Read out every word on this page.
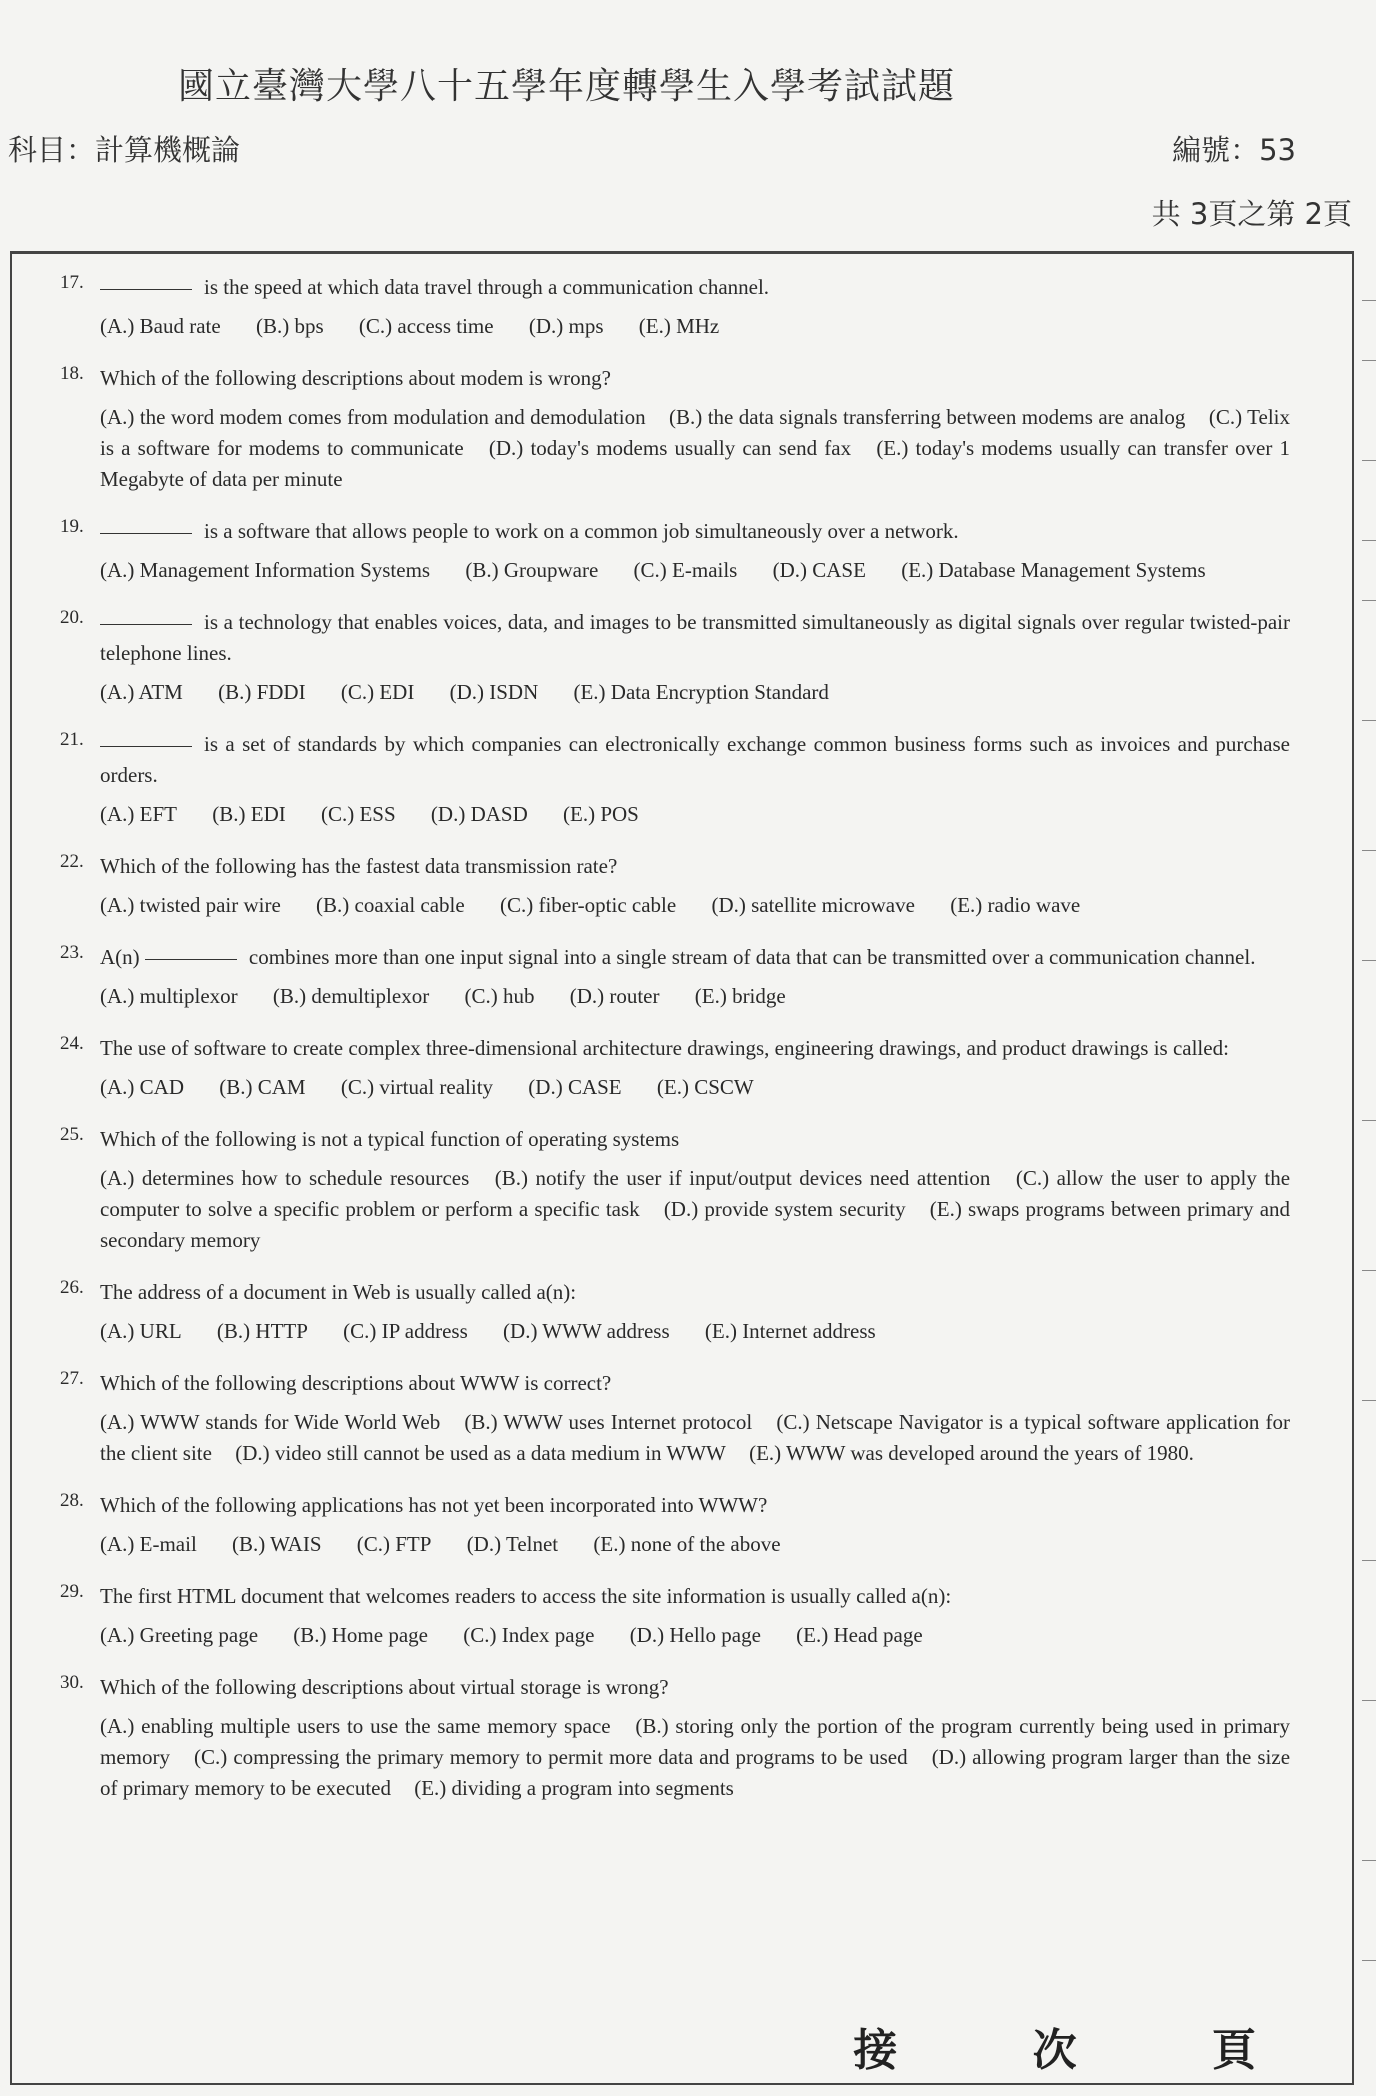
國立臺灣大學八十五學年度轉學生入學考試試題
科目：計算機概論	編號：53
共 3頁之第 2頁
17.	is the speed at which data travel through a communication channel.
(A.) Baud rate (B.) bps (C.) access time (D.) mps (E.) MHz
18. Which of the following descriptions about modem is wrong?
(A.) the word modem comes from modulation and demodulation (B.) the data signals transferring between modems are analog (C.) Telix is a software for modems to communicate (D.) today's modems usually can send fax (E.) today's modems usually can transfer over 1 Megabyte of data per minute
19.	is a software that allows people to work on a common job simultaneously over a network.
(A.) Management Information Systems (B.) Groupware (C.) E-mails (D.) CASE (E.) Database Management Systems
20.	is a technology that enables voices, data, and images to be transmitted simultaneously as digital signals over regular twisted-pair telephone lines.
(A.) ATM (B.) FDDI (C.) EDI (D.) ISDN (E.) Data Encryption Standard
21.	is a set of standards by which companies can electronically exchange common business forms such as invoices and purchase orders.
(A.) EFT (B.) EDI (C.) ESS (D.) DASD (E.) POS
22. Which of the following has the fastest data transmission rate?
(A.) twisted pair wire (B.) coaxial cable (C.) fiber-optic cable (D.) satellite microwave (E.) radio wave
23. A(n)	combines more than one input signal into a single stream of data that can be transmitted over a communication channel.
(A.) multiplexor (B.) demultiplexor (C.) hub (D.) router (E.) bridge
24. The use of software to create complex three-dimensional architecture drawings, engineering drawings, and product drawings is called:
(A.) CAD (B.) CAM (C.) virtual reality (D.) CASE (E.) CSCW
25. Which of the following is not a typical function of operating systems
(A.) determines how to schedule resources (B.) notify the user if input/output devices need attention (C.) allow the user to apply the computer to solve a specific problem or perform a specific task (D.) provide system security (E.) swaps programs between primary and secondary memory
26. The address of a document in Web is usually called a(n):
(A.) URL (B.) HTTP (C.) IP address (D.) WWW address (E.) Internet address
27. Which of the following descriptions about WWW is correct?
(A.) WWW stands for Wide World Web (B.) WWW uses Internet protocol (C.) Netscape Navigator is a typical software application for the client site (D.) video still cannot be used as a data medium in WWW (E.) WWW was developed around the years of 1980.
28. Which of the following applications has not yet been incorporated into WWW?
(A.) E-mail (B.) WAIS (C.) FTP (D.) Telnet (E.) none of the above
29. The first HTML document that welcomes readers to access the site information is usually called a(n):
(A.) Greeting page (B.) Home page (C.) Index page (D.) Hello page (E.) Head page
30. Which of the following descriptions about virtual storage is wrong?
(A.) enabling multiple users to use the same memory space (B.) storing only the portion of the program currently being used in primary memory (C.) compressing the primary memory to permit more data and programs to be used (D.) allowing program larger than the size of primary memory to be executed (E.) dividing a program into segments
接 次 頁
